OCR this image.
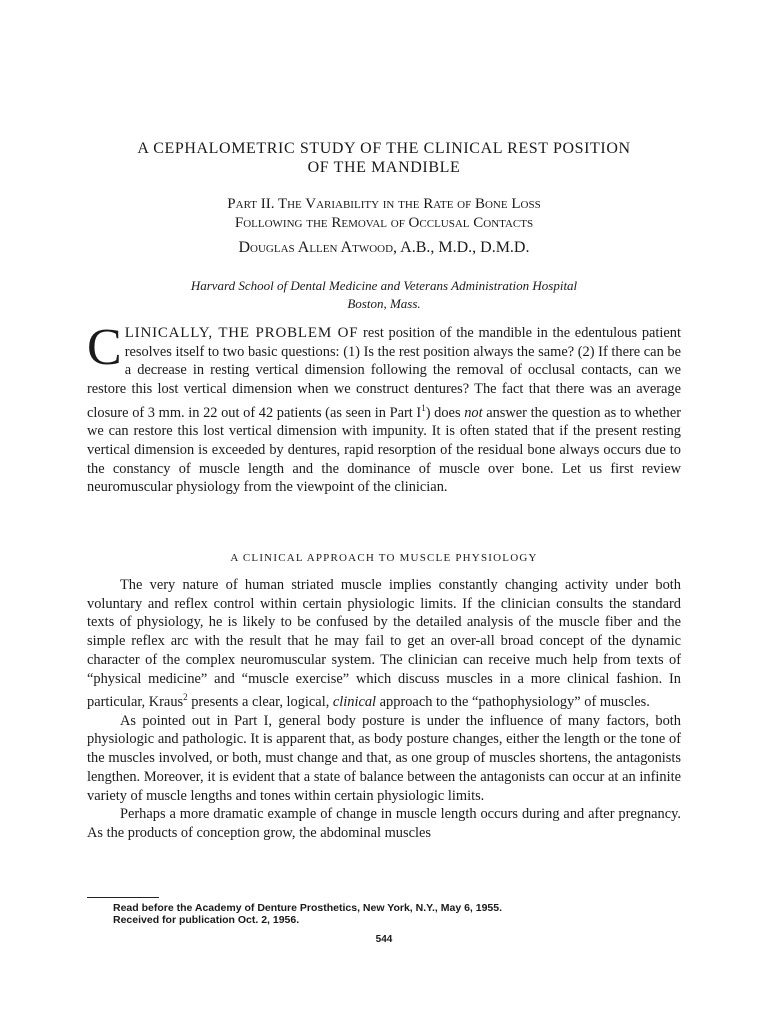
A CEPHALOMETRIC STUDY OF THE CLINICAL REST POSITION
OF THE MANDIBLE
Part II. The Variability in the Rate of Bone Loss
Following the Removal of Occlusal Contacts
Douglas Allen Atwood, A.B., M.D., D.M.D.
Harvard School of Dental Medicine and Veterans Administration Hospital
Boston, Mass.

CLINICALLY, THE PROBLEM OF rest position of the mandible in the edentulous patient resolves itself to two basic questions: (1) Is the rest position always the same? (2) If there can be a decrease in resting vertical dimension following the removal of occlusal contacts, can we restore this lost vertical dimension when we construct dentures? The fact that there was an average closure of 3 mm. in 22 out of 42 patients (as seen in Part $I^1$) does not answer the question as to whether we can restore this lost vertical dimension with impunity. It is often stated that if the present resting vertical dimension is exceeded by dentures, rapid resorption of the residual bone always occurs due to the constancy of muscle length and the dominance of muscle over bone. Let us first review neuromuscular physiology from the viewpoint of the clinician.

A CLINICAL APPROACH TO MUSCLE PHYSIOLOGY

The very nature of human striated muscle implies constantly changing activity under both voluntary and reflex control within certain physiologic limits. If the clinician consults the standard texts of physiology, he is likely to be confused by the detailed analysis of the muscle fiber and the simple reflex arc with the result that he may fail to get an over-all broad concept of the dynamic character of the complex neuromuscular system. The clinician can receive much help from texts of “physical medicine” and “muscle exercise” which discuss muscles in a more clinical fashion. In particular, Kraus$^2$ presents a clear, logical, clinical approach to the “pathophysiology” of muscles.

As pointed out in Part I, general body posture is under the influence of many factors, both physiologic and pathologic. It is apparent that, as body posture changes, either the length or the tone of the muscles involved, or both, must change and that, as one group of muscles shortens, the antagonists lengthen. Moreover, it is evident that a state of balance between the antagonists can occur at an infinite variety of muscle lengths and tones within certain physiologic limits.

Perhaps a more dramatic example of change in muscle length occurs during and after pregnancy. As the products of conception grow, the abdominal muscles

Read before the Academy of Denture Prosthetics, New York, N.Y., May 6, 1955.
Received for publication Oct. 2, 1956.
544
